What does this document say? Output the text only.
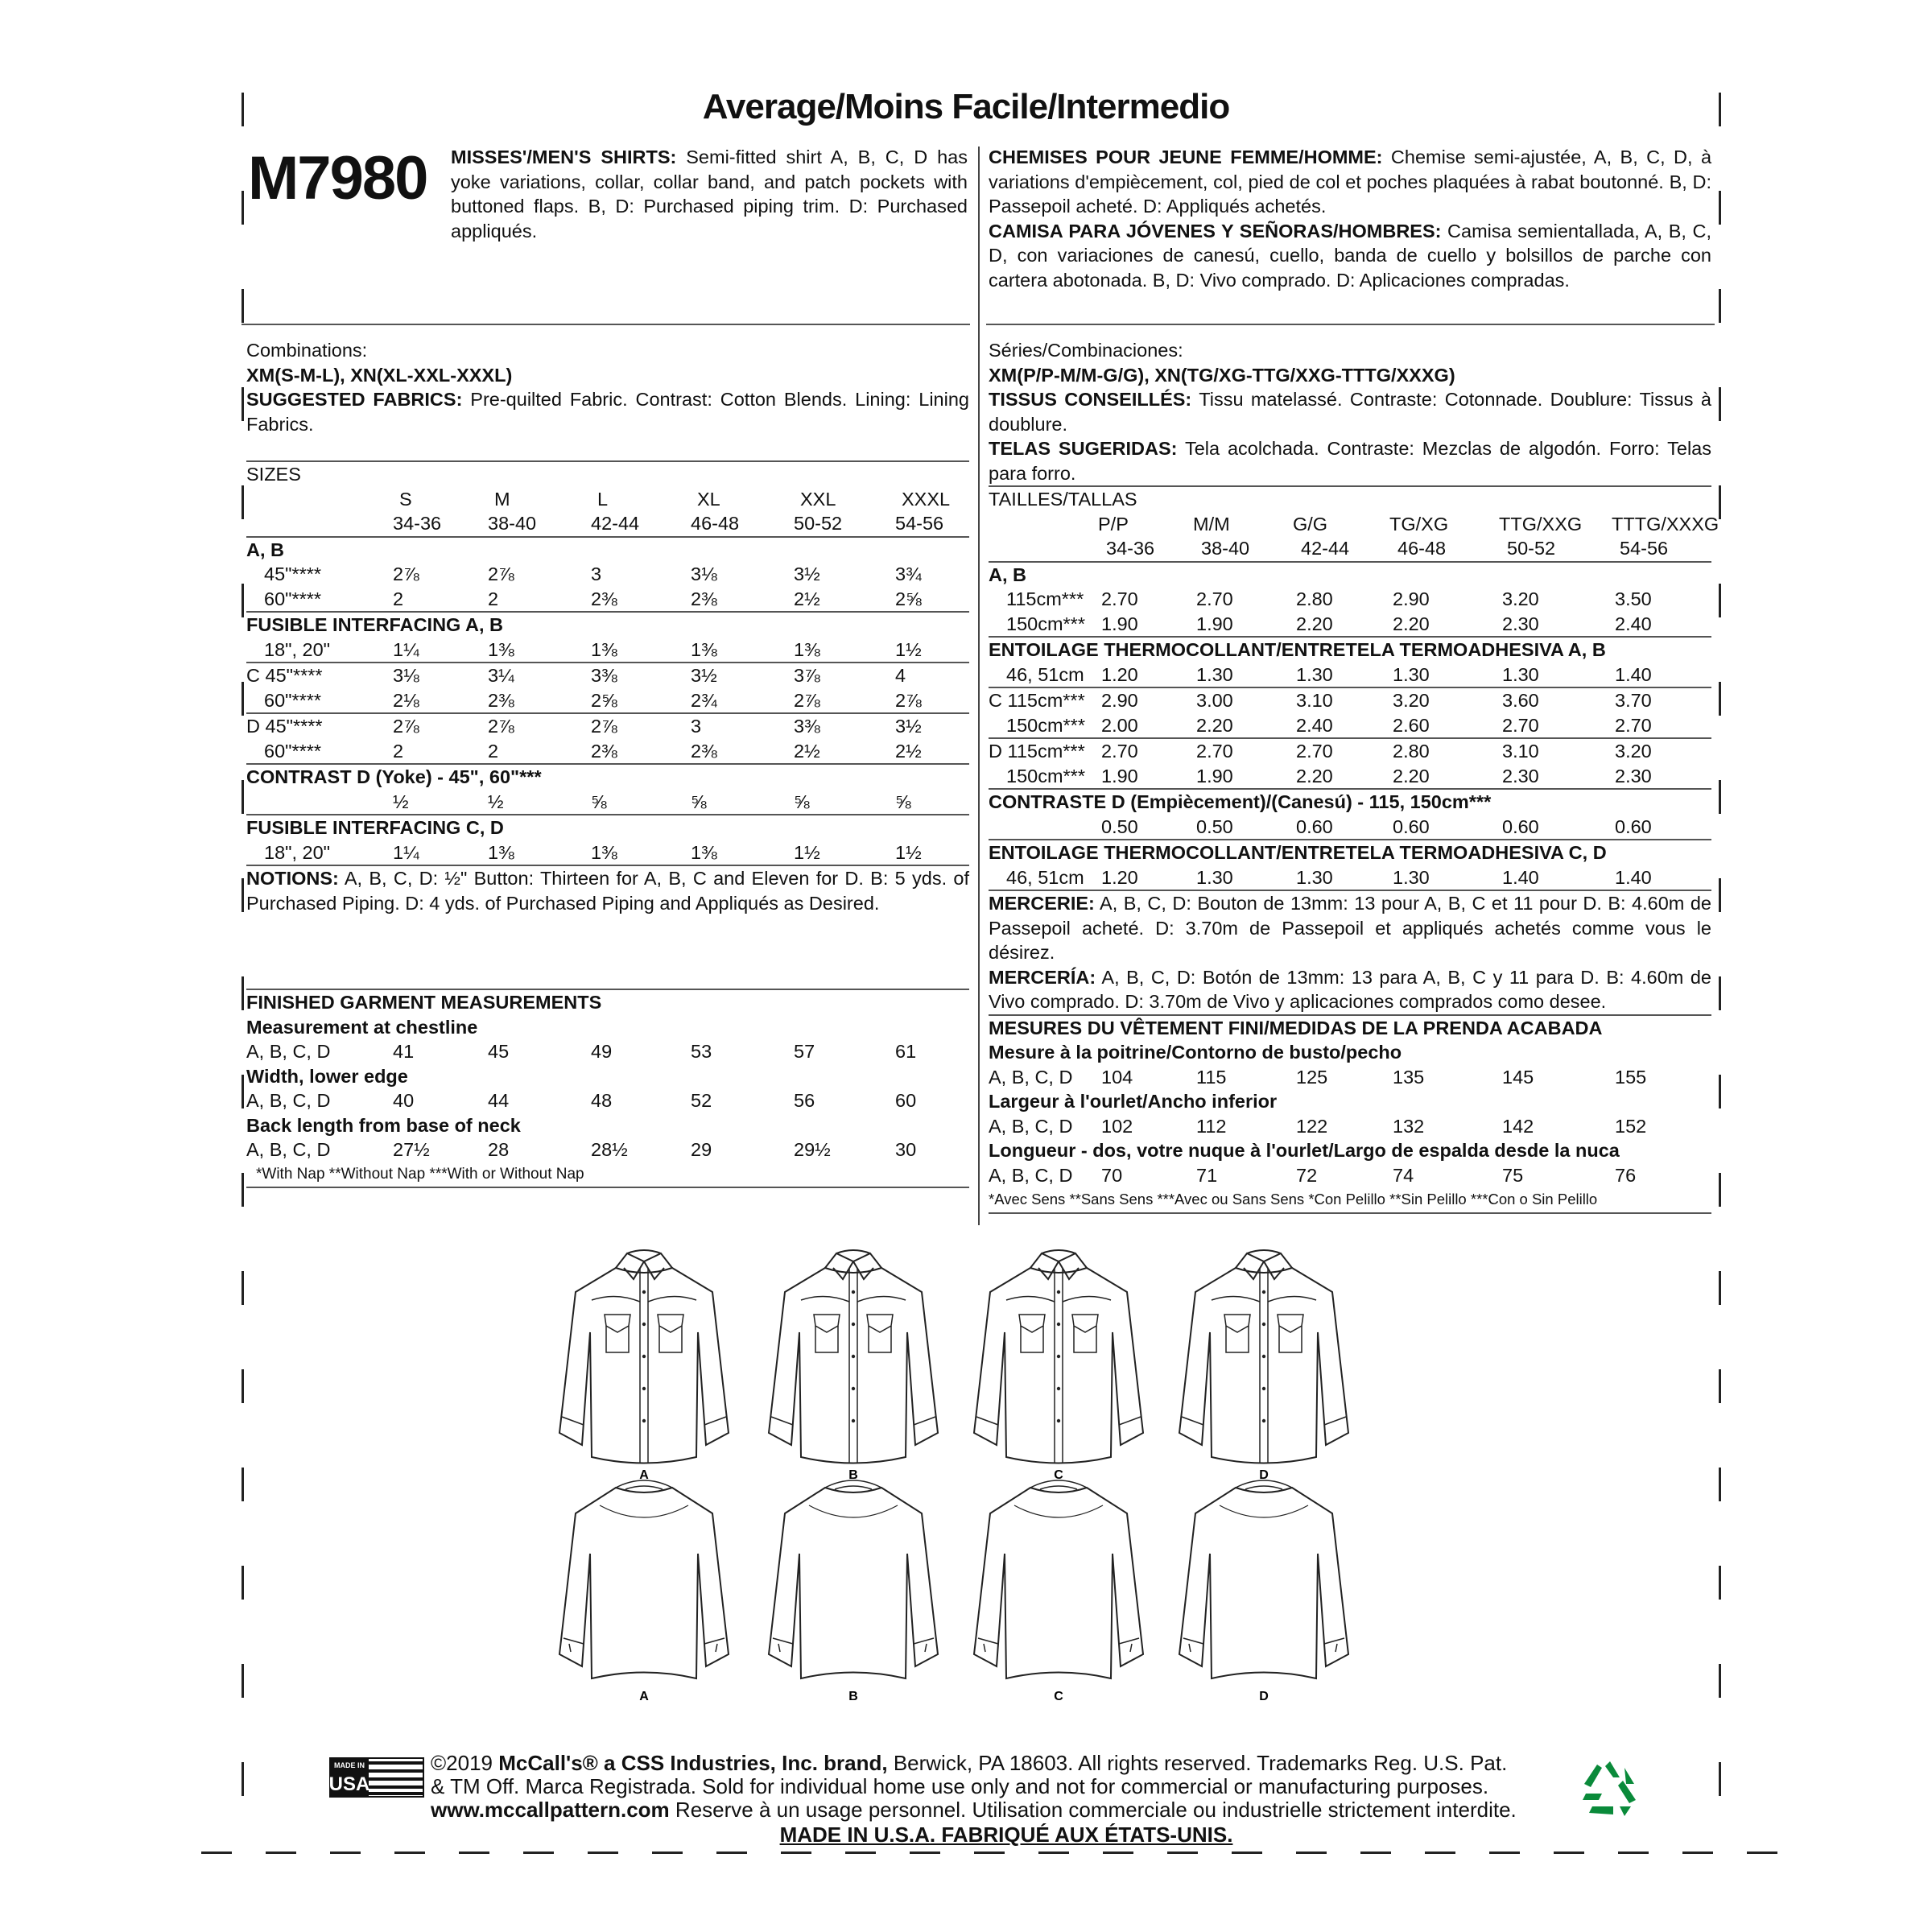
Average/Moins Facile/Intermedio
M7980 MISSES'/MEN'S SHIRTS: Semi-fitted shirt A, B, C, D has yoke variations, collar, collar band, and patch pockets with buttoned flaps. B, D: Purchased piping trim. D: Purchased appliqués.
CHEMISES POUR JEUNE FEMME/HOMME: Chemise semi-ajustée, A, B, C, D, à variations d'empiècement, col, pied de col et poches plaquées à rabat boutonné. B, D: Passepoil acheté. D: Appliqués achetés.
CAMISA PARA JÓVENES Y SEÑORAS/HOMBRES: Camisa semientallada, A, B, C, D, con variaciones de canesú, cuello, banda de cuello y bolsillos de parche con cartera abotonada. B, D: Vivo comprado. D: Aplicaciones compradas.
Combinations:
XM(S-M-L), XN(XL-XXL-XXXL)
SUGGESTED FABRICS: Pre-quilted Fabric. Contrast: Cotton Blends. Lining: Lining Fabrics.
SIZES
S	M	L	XL	XXL	XXXL
34-36 38-40	42-44	46-48	50-52	54-56
A, B
45"****	2⅞	2⅞	3	3⅛	3½	3¾
60"****	2	2	2⅜	2⅜	2½	2⅝
FUSIBLE INTERFACING A, B
18", 20"	1¼	1⅜	1⅜	1⅜	1⅜	1½
C 45"****	3⅛	3¼	3⅜	3½	3⅞	4
60"****	2⅛	2⅜	2⅝	2¾	2⅞	2⅞
D 45"****	2⅞	2⅞	2⅞	3	3⅜	3½
60"****	2	2	2⅜	2⅜	2½	2½
CONTRAST D (Yoke) - 45", 60"***
½	½	⅝	⅝	⅝	⅝
FUSIBLE INTERFACING C, D
18", 20"	1¼	1⅜	1⅜	1⅜	1½	1½
NOTIONS: A, B, C, D: ½" Button: Thirteen for A, B, C and Eleven for D. B: 5 yds. of Purchased Piping. D: 4 yds. of Purchased Piping and Appliqués as Desired.
FINISHED GARMENT MEASUREMENTS
Measurement at chestline
A, B, C, D	41	45	49	53	57	61
Width, lower edge
A, B, C, D	40	44	48	52	56	60
Back length from base of neck
A, B, C, D	27½	28	28½	29	29½	30
*With Nap **Without Nap ***With or Without Nap
Séries/Combinaciones:
XM(P/P-M/M-G/G), XN(TG/XG-TTG/XXG-TTTG/XXXG)
TISSUS CONSEILLÉS: Tissu matelassé. Contraste: Cotonnade. Doublure: Tissus à doublure.
TELAS SUGERIDAS: Tela acolchada. Contraste: Mezclas de algodón. Forro: Telas para forro.
TAILLES/TALLAS
P/P	M/M	G/G	TG/XG	TTG/XXG TTTG/XXXG
34-36 38-40	42-44	46-48	50-52	54-56
A, B
115cm*** 2.70	2.70	2.80	2.90	3.20	3.50
150cm*** 1.90	1.90	2.20	2.20	2.30	2.40
ENTOILAGE THERMOCOLLANT/ENTRETELA TERMOADHESIVA A, B
46, 51cm 1.20	1.30	1.30	1.30	1.30	1.40
C 115cm*** 2.90	3.00	3.10	3.20	3.60	3.70
150cm*** 2.00	2.20	2.40	2.60	2.70	2.70
D 115cm*** 2.70	2.70	2.70	2.80	3.10	3.20
150cm*** 1.90	1.90	2.20	2.20	2.30	2.30
CONTRASTE D (Empiècement)/(Canesú) - 115, 150cm***
0.50	0.50	0.60	0.60	0.60	0.60
ENTOILAGE THERMOCOLLANT/ENTRETELA TERMOADHESIVA C, D
46, 51cm 1.20	1.30	1.30	1.30	1.40	1.40
MERCERIE: A, B, C, D: Bouton de 13mm: 13 pour A, B, C et 11 pour D. B: 4.60m de Passepoil acheté. D: 3.70m de Passepoil et appliqués achetés comme vous le désirez.
MERCERÍA: A, B, C, D: Botón de 13mm: 13 para A, B, C y 11 para D. B: 4.60m de Vivo comprado. D: 3.70m de Vivo y aplicaciones comprados como desee.
MESURES DU VÊTEMENT FINI/MEDIDAS DE LA PRENDA ACABADA
Mesure à la poitrine/Contorno de busto/pecho
A, B, C, D 104	115	125	135	145	155
Largeur à l'ourlet/Ancho inferior
A, B, C, D 102	112	122	132	142	152
Longueur - dos, votre nuque à l'ourlet/Largo de espalda desde la nuca
A, B, C, D 70	71	72	74	75	76
*Avec Sens **Sans Sens ***Avec ou Sans Sens *Con Pelillo **Sin Pelillo ***Con o Sin Pelillo
A	B	C	D
A	B	C	D
MADE IN
USA
©2019 McCall's® a CSS Industries, Inc. brand, Berwick, PA 18603. All rights reserved. Trademarks Reg. U.S. Pat.
& TM Off. Marca Registrada. Sold for individual home use only and not for commercial or manufacturing purposes.
www.mccallpattern.com Reserve à un usage personnel. Utilisation commerciale ou industrielle strictement interdite.
MADE IN U.S.A. FABRIQUÉ AUX ÉTATS-UNIS.
